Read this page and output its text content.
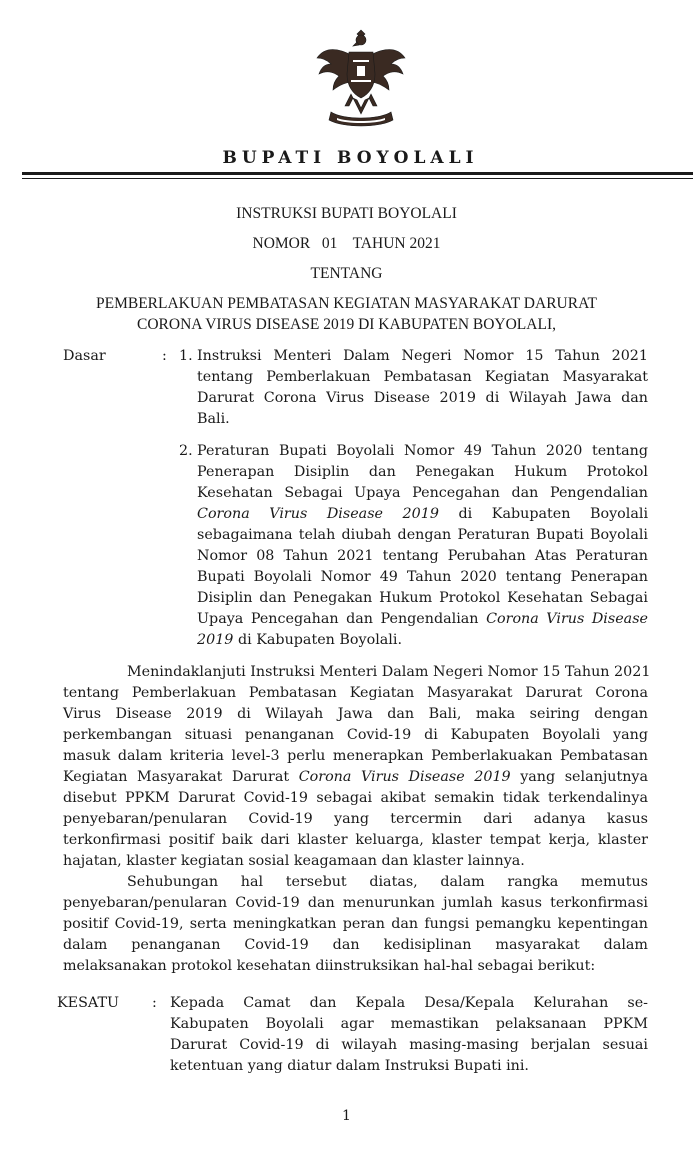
BUPATI BOYOLALI
INSTRUKSI BUPATI BOYOLALI
NOMOR 01 TAHUN 2021
TENTANG
PEMBERLAKUAN PEMBATASAN KEGIATAN MASYARAKAT DARURAT
CORONA VIRUS DISEASE 2019 DI KABUPATEN BOYOLALI,
Dasar	: 1. Instruksi Menteri Dalam Negeri Nomor 15 Tahun 2021
tentang Pemberlakuan Pembatasan Kegiatan Masyarakat
Darurat Corona Virus Disease 2019 di Wilayah Jawa dan
Bali.
2. Peraturan Bupati Boyolali Nomor 49 Tahun 2020 tentang
Penerapan Disiplin dan Penegakan Hukum Protokol
Kesehatan Sebagai Upaya Pencegahan dan Pengendalian
Corona Virus Disease 2019 di Kabupaten Boyolali
sebagaimana telah diubah dengan Peraturan Bupati Boyolali
Nomor 08 Tahun 2021 tentang Perubahan Atas Peraturan
Bupati Boyolali Nomor 49 Tahun 2020 tentang Penerapan
Disiplin dan Penegakan Hukum Protokol Kesehatan Sebagai
Upaya Pencegahan dan Pengendalian Corona Virus Disease
2019 di Kabupaten Boyolali.
Menindaklanjuti Instruksi Menteri Dalam Negeri Nomor 15 Tahun 2021
tentang Pemberlakuan Pembatasan Kegiatan Masyarakat Darurat Corona
Virus Disease 2019 di Wilayah Jawa dan Bali, maka seiring dengan
perkembangan situasi penanganan Covid-19 di Kabupaten Boyolali yang
masuk dalam kriteria level-3 perlu menerapkan Pemberlakuakan Pembatasan
Kegiatan Masyarakat Darurat Corona Virus Disease 2019 yang selanjutnya
disebut PPKM Darurat Covid-19 sebagai akibat semakin tidak terkendalinya
penyebaran/penularan Covid-19 yang tercermin dari adanya kasus
terkonfirmasi positif baik dari klaster keluarga, klaster tempat kerja, klaster
hajatan, klaster kegiatan sosial keagamaan dan klaster lainnya.
Sehubungan hal tersebut diatas, dalam rangka memutus
penyebaran/penularan Covid-19 dan menurunkan jumlah kasus terkonfirmasi
positif Covid-19, serta meningkatkan peran dan fungsi pemangku kepentingan
dalam penanganan Covid-19 dan kedisiplinan masyarakat dalam
melaksanakan protokol kesehatan diinstruksikan hal-hal sebagai berikut:
KESATU : Kepada Camat dan Kepala Desa/Kepala Kelurahan se-
Kabupaten Boyolali agar memastikan pelaksanaan PPKM
Darurat Covid-19 di wilayah masing-masing berjalan sesuai
ketentuan yang diatur dalam Instruksi Bupati ini.
1
